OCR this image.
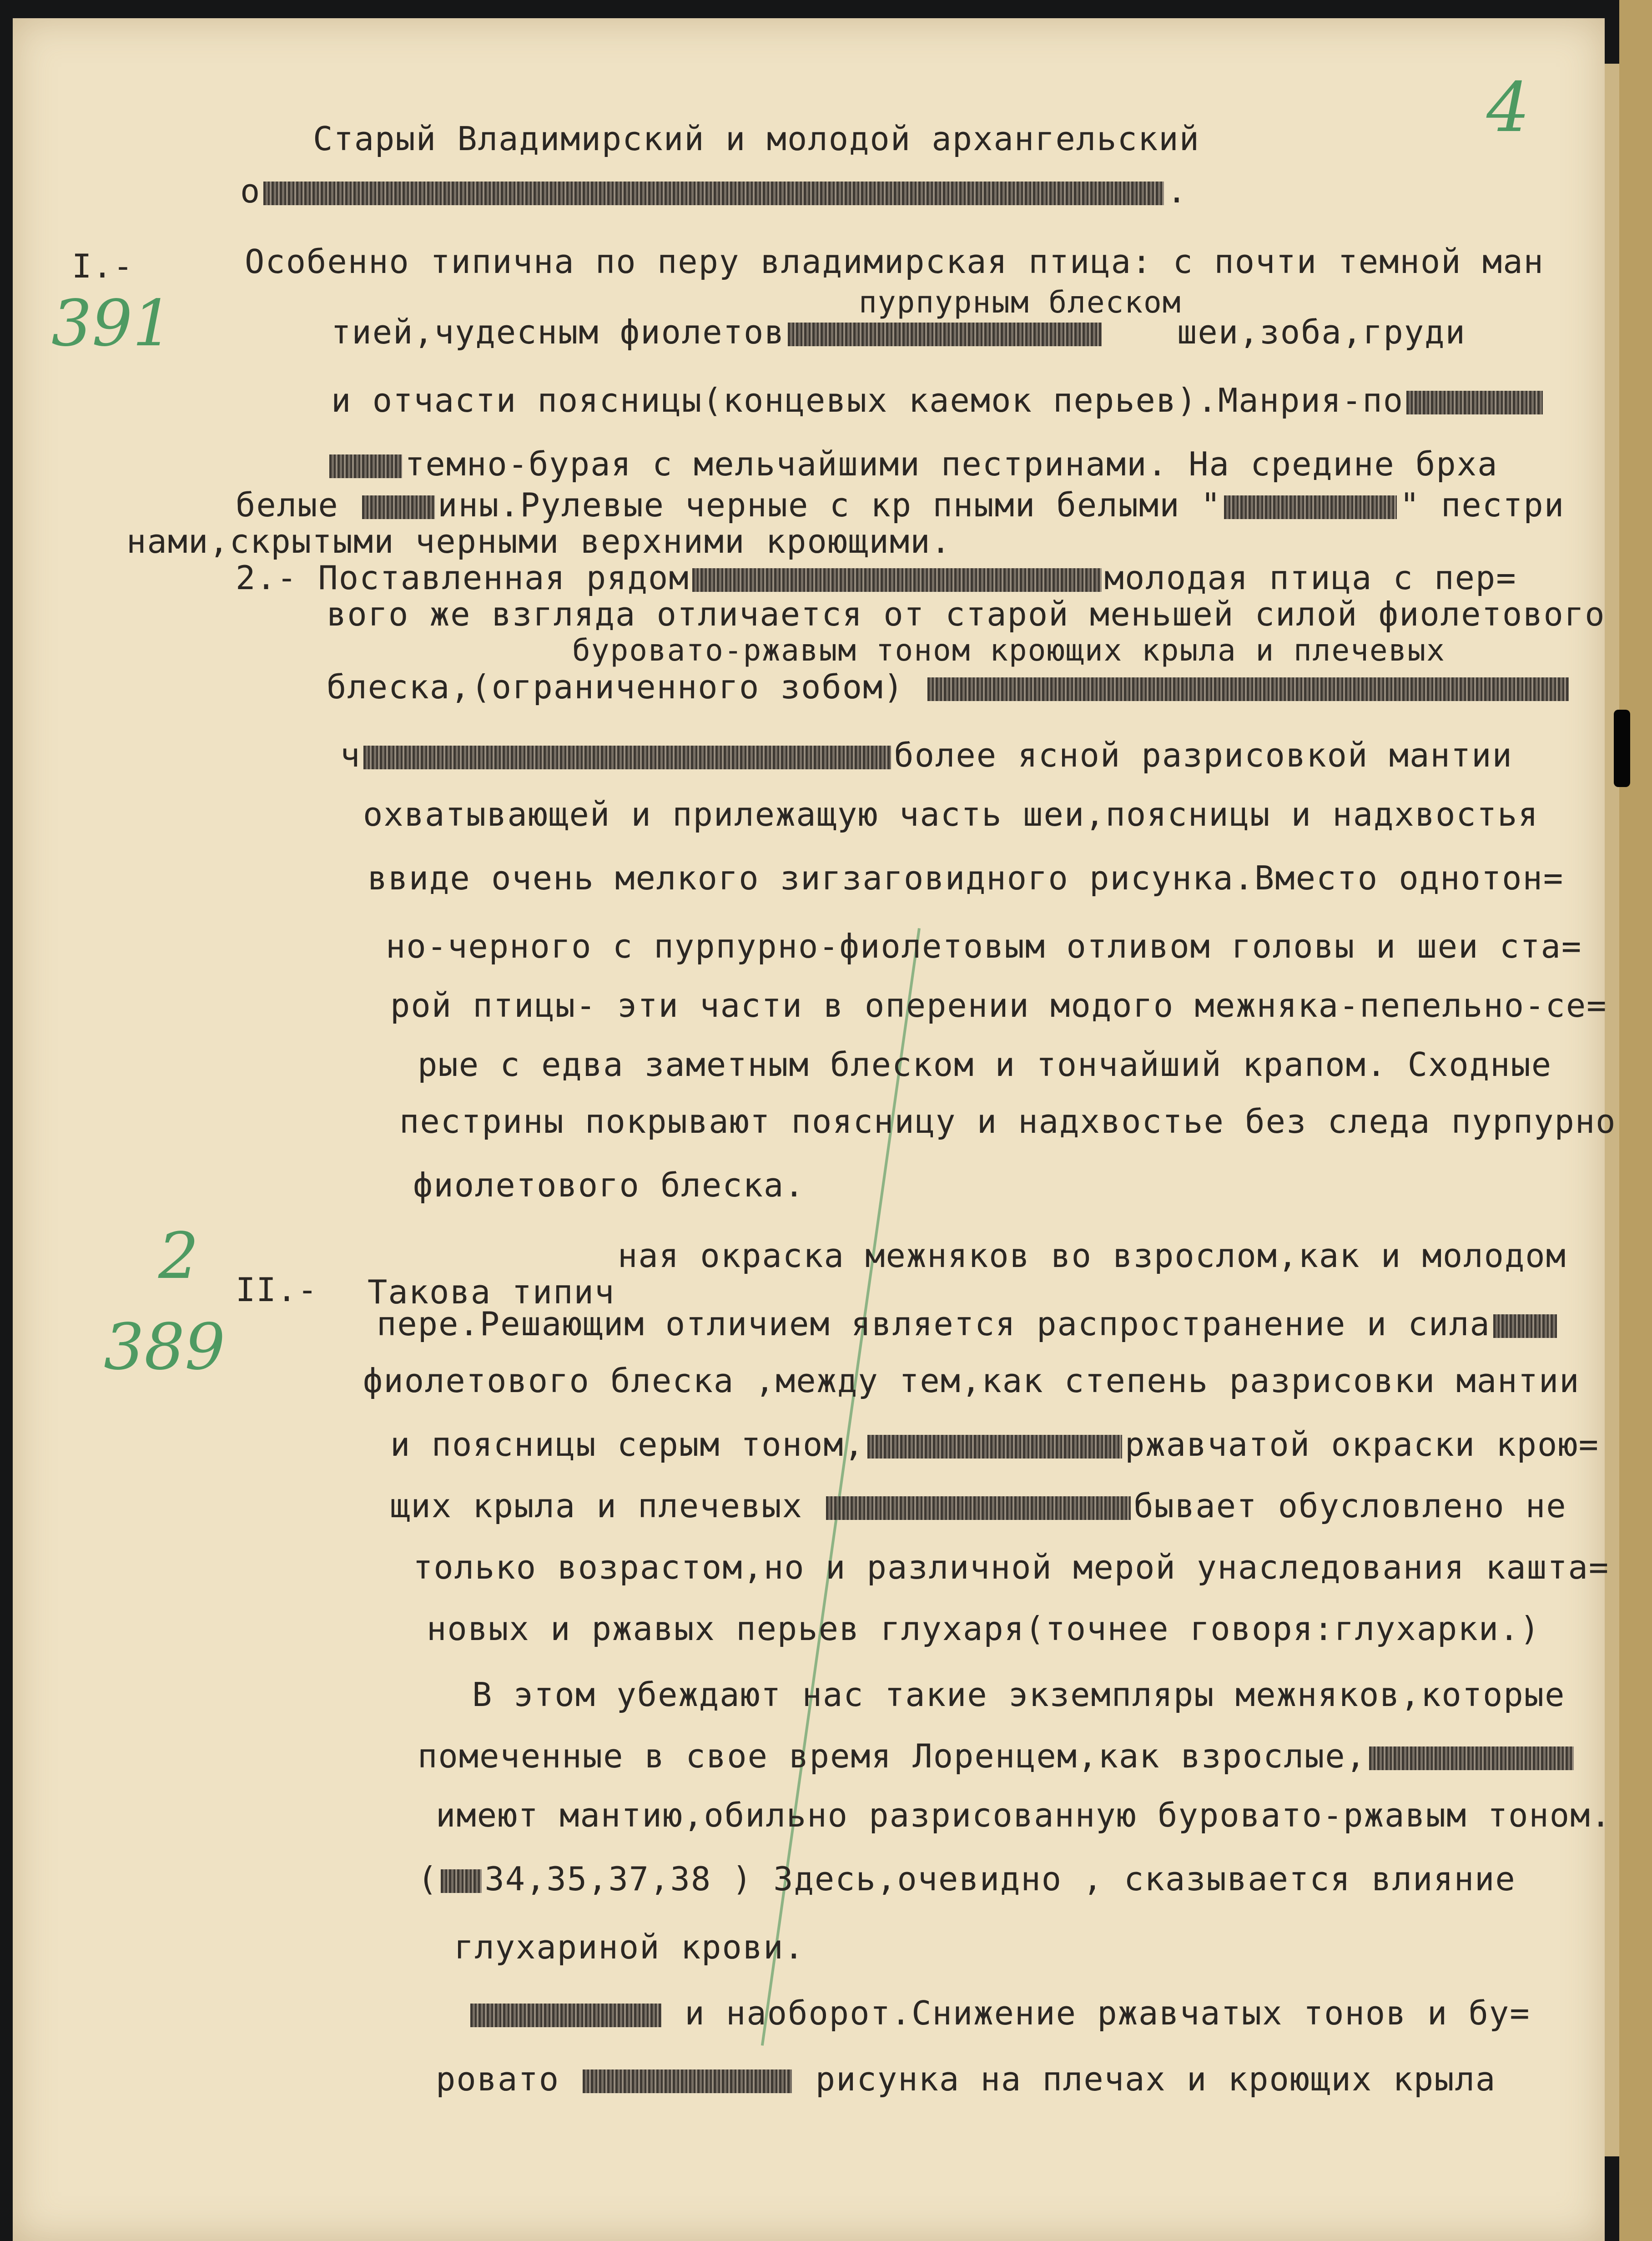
4
391
2
389
Старый Владимирский и молодой архангельский
о	.
I.-	Особенно типична по перу владимирская птица: с почти темной ман
пурпурным блеском
тией,чудесным фиолетов	шеи,зоба,груди
и отчасти поясницы(концевых каемок перьев).Манрия-по
темно-бурая с мельчайшими пестринами. На средине брха
белые ины.Рулевые черные с кр пными белыми "	" пестри
нами,скрытыми черными верхними кроющими.
2.- Поставленная рядом	молодая птица с пер=
вого же взгляда отличается от старой меньшей силой фиолетового
буровато-ржавым тоном кроющих крыла и плечевых
блеска,(ограниченного зобом)
ч	более ясной разрисовкой мантии
охватывающей и прилежащую часть шеи,поясницы и надхвостья
ввиде очень мелкого зигзаговидного рисунка.Вместо однотон=
но-черного с пурпурно-фиолетовым отливом головы и шеи ста=
рой птицы- эти части в оперении модого межняка-пепельно-се=
рые с едва заметным блеском и тончайший крапом. Сходные
пестрины покрывают поясницу и надхвостье без следа пурпурно
фиолетового блеска.
II.- Такова типич
ная окраска межняков во взрослом,как и молодом
пере.Решающим отличием является распространение и сила
фиолетового блеска ,между тем,как степень разрисовки мантии
и поясницы серым тоном,	ржавчатой окраски крою=
щих крыла и плечевых	бывает обусловлено не
только возрастом,но и различной мерой унаследования кашта=
новых и ржавых перьев глухаря(точнее говоря:глухарки.)
В этом убеждают нас такие экземпляры межняков,которые
помеченные в свое время Лоренцем,как взрослые,
имеют мантию,обильно разрисованную буровато-ржавым тоном.
( 34,35,37,38 ) Здесь,очевидно , сказывается влияние
глухариной крови.
и наоборот.Снижение ржавчатых тонов и бу=
ровато	рисунка на плечах и кроющих крыла
